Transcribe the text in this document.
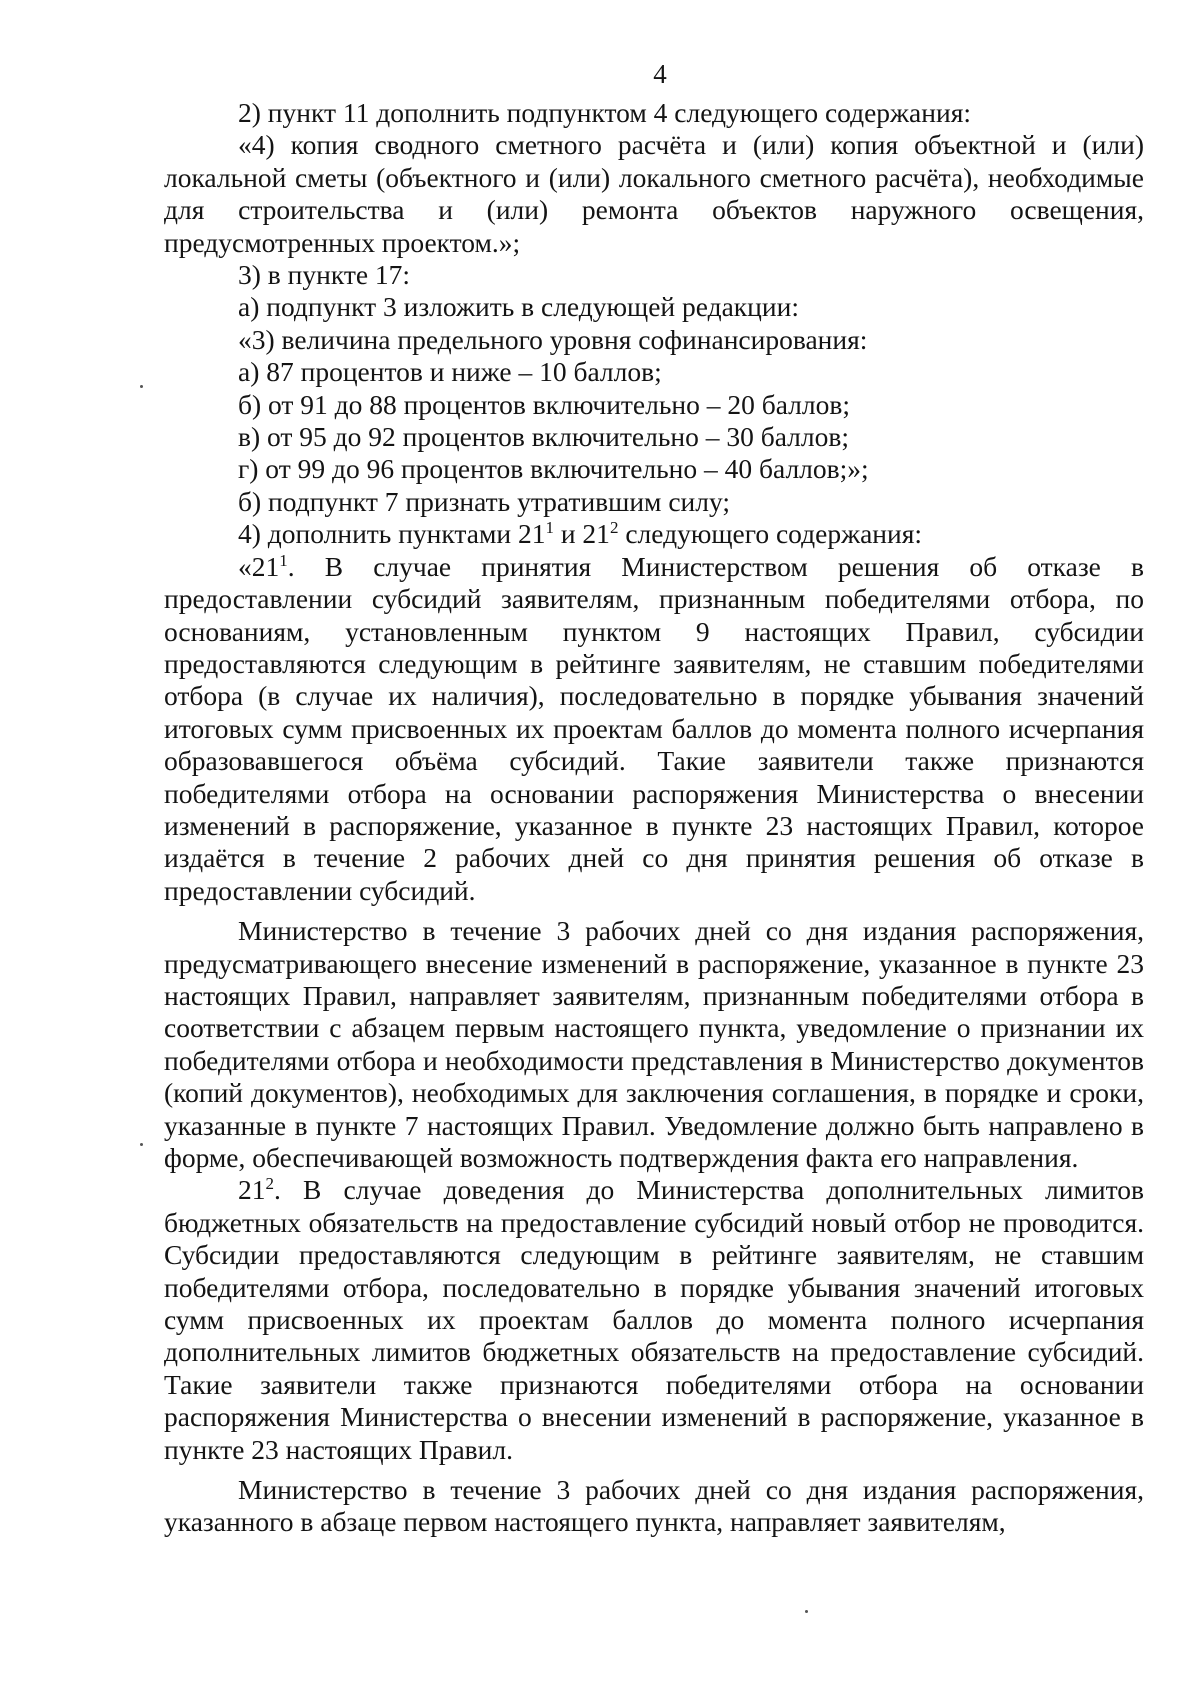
4

2) пункт 11 дополнить подпунктом 4 следующего содержания:

«4) копия сводного сметного расчёта и (или) копия объектной и (или) локальной сметы (объектного и (или) локального сметного расчёта), необходимые для строительства и (или) ремонта объектов наружного освещения, предусмотренных проектом.»;

3) в пункте 17:

а) подпункт 3 изложить в следующей редакции:

«3) величина предельного уровня софинансирования:

а) 87 процентов и ниже – 10 баллов;

б) от 91 до 88 процентов включительно – 20 баллов;

в) от 95 до 92 процентов включительно – 30 баллов;

г) от 99 до 96 процентов включительно – 40 баллов;»;

б) подпункт 7 признать утратившим силу;

4) дополнить пунктами $21^1$ и $21^2$ следующего содержания:

«$21^1$. В случае принятия Министерством решения об отказе в предоставлении субсидий заявителям, признанным победителями отбора, по основаниям, установленным пунктом 9 настоящих Правил, субсидии предоставляются следующим в рейтинге заявителям, не ставшим победителями отбора (в случае их наличия), последовательно в порядке убывания значений итоговых сумм присвоенных их проектам баллов до момента полного исчерпания образовавшегося объёма субсидий. Такие заявители также признаются победителями отбора на основании распоряжения Министерства о внесении изменений в распоряжение, указанное в пункте 23 настоящих Правил, которое издаётся в течение 2 рабочих дней со дня принятия решения об отказе в предоставлении субсидий.

Министерство в течение 3 рабочих дней со дня издания распоряжения, предусматривающего внесение изменений в распоряжение, указанное в пункте 23 настоящих Правил, направляет заявителям, признанным победителями отбора в соответствии с абзацем первым настоящего пункта, уведомление о признании их победителями отбора и необходимости представления в Министерство документов (копий документов), необходимых для заключения соглашения, в порядке и сроки, указанные в пункте 7 настоящих Правил. Уведомление должно быть направлено в форме, обеспечивающей возможность подтверждения факта его направления.

$21^2$. В случае доведения до Министерства дополнительных лимитов бюджетных обязательств на предоставление субсидий новый отбор не проводится. Субсидии предоставляются следующим в рейтинге заявителям, не ставшим победителями отбора, последовательно в порядке убывания значений итоговых сумм присвоенных их проектам баллов до момента полного исчерпания дополнительных лимитов бюджетных обязательств на предоставление субсидий. Такие заявители также признаются победителями отбора на основании распоряжения Министерства о внесении изменений в распоряжение, указанное в пункте 23 настоящих Правил.

Министерство в течение 3 рабочих дней со дня издания распоряжения, указанного в абзаце первом настоящего пункта, направляет заявителям,
